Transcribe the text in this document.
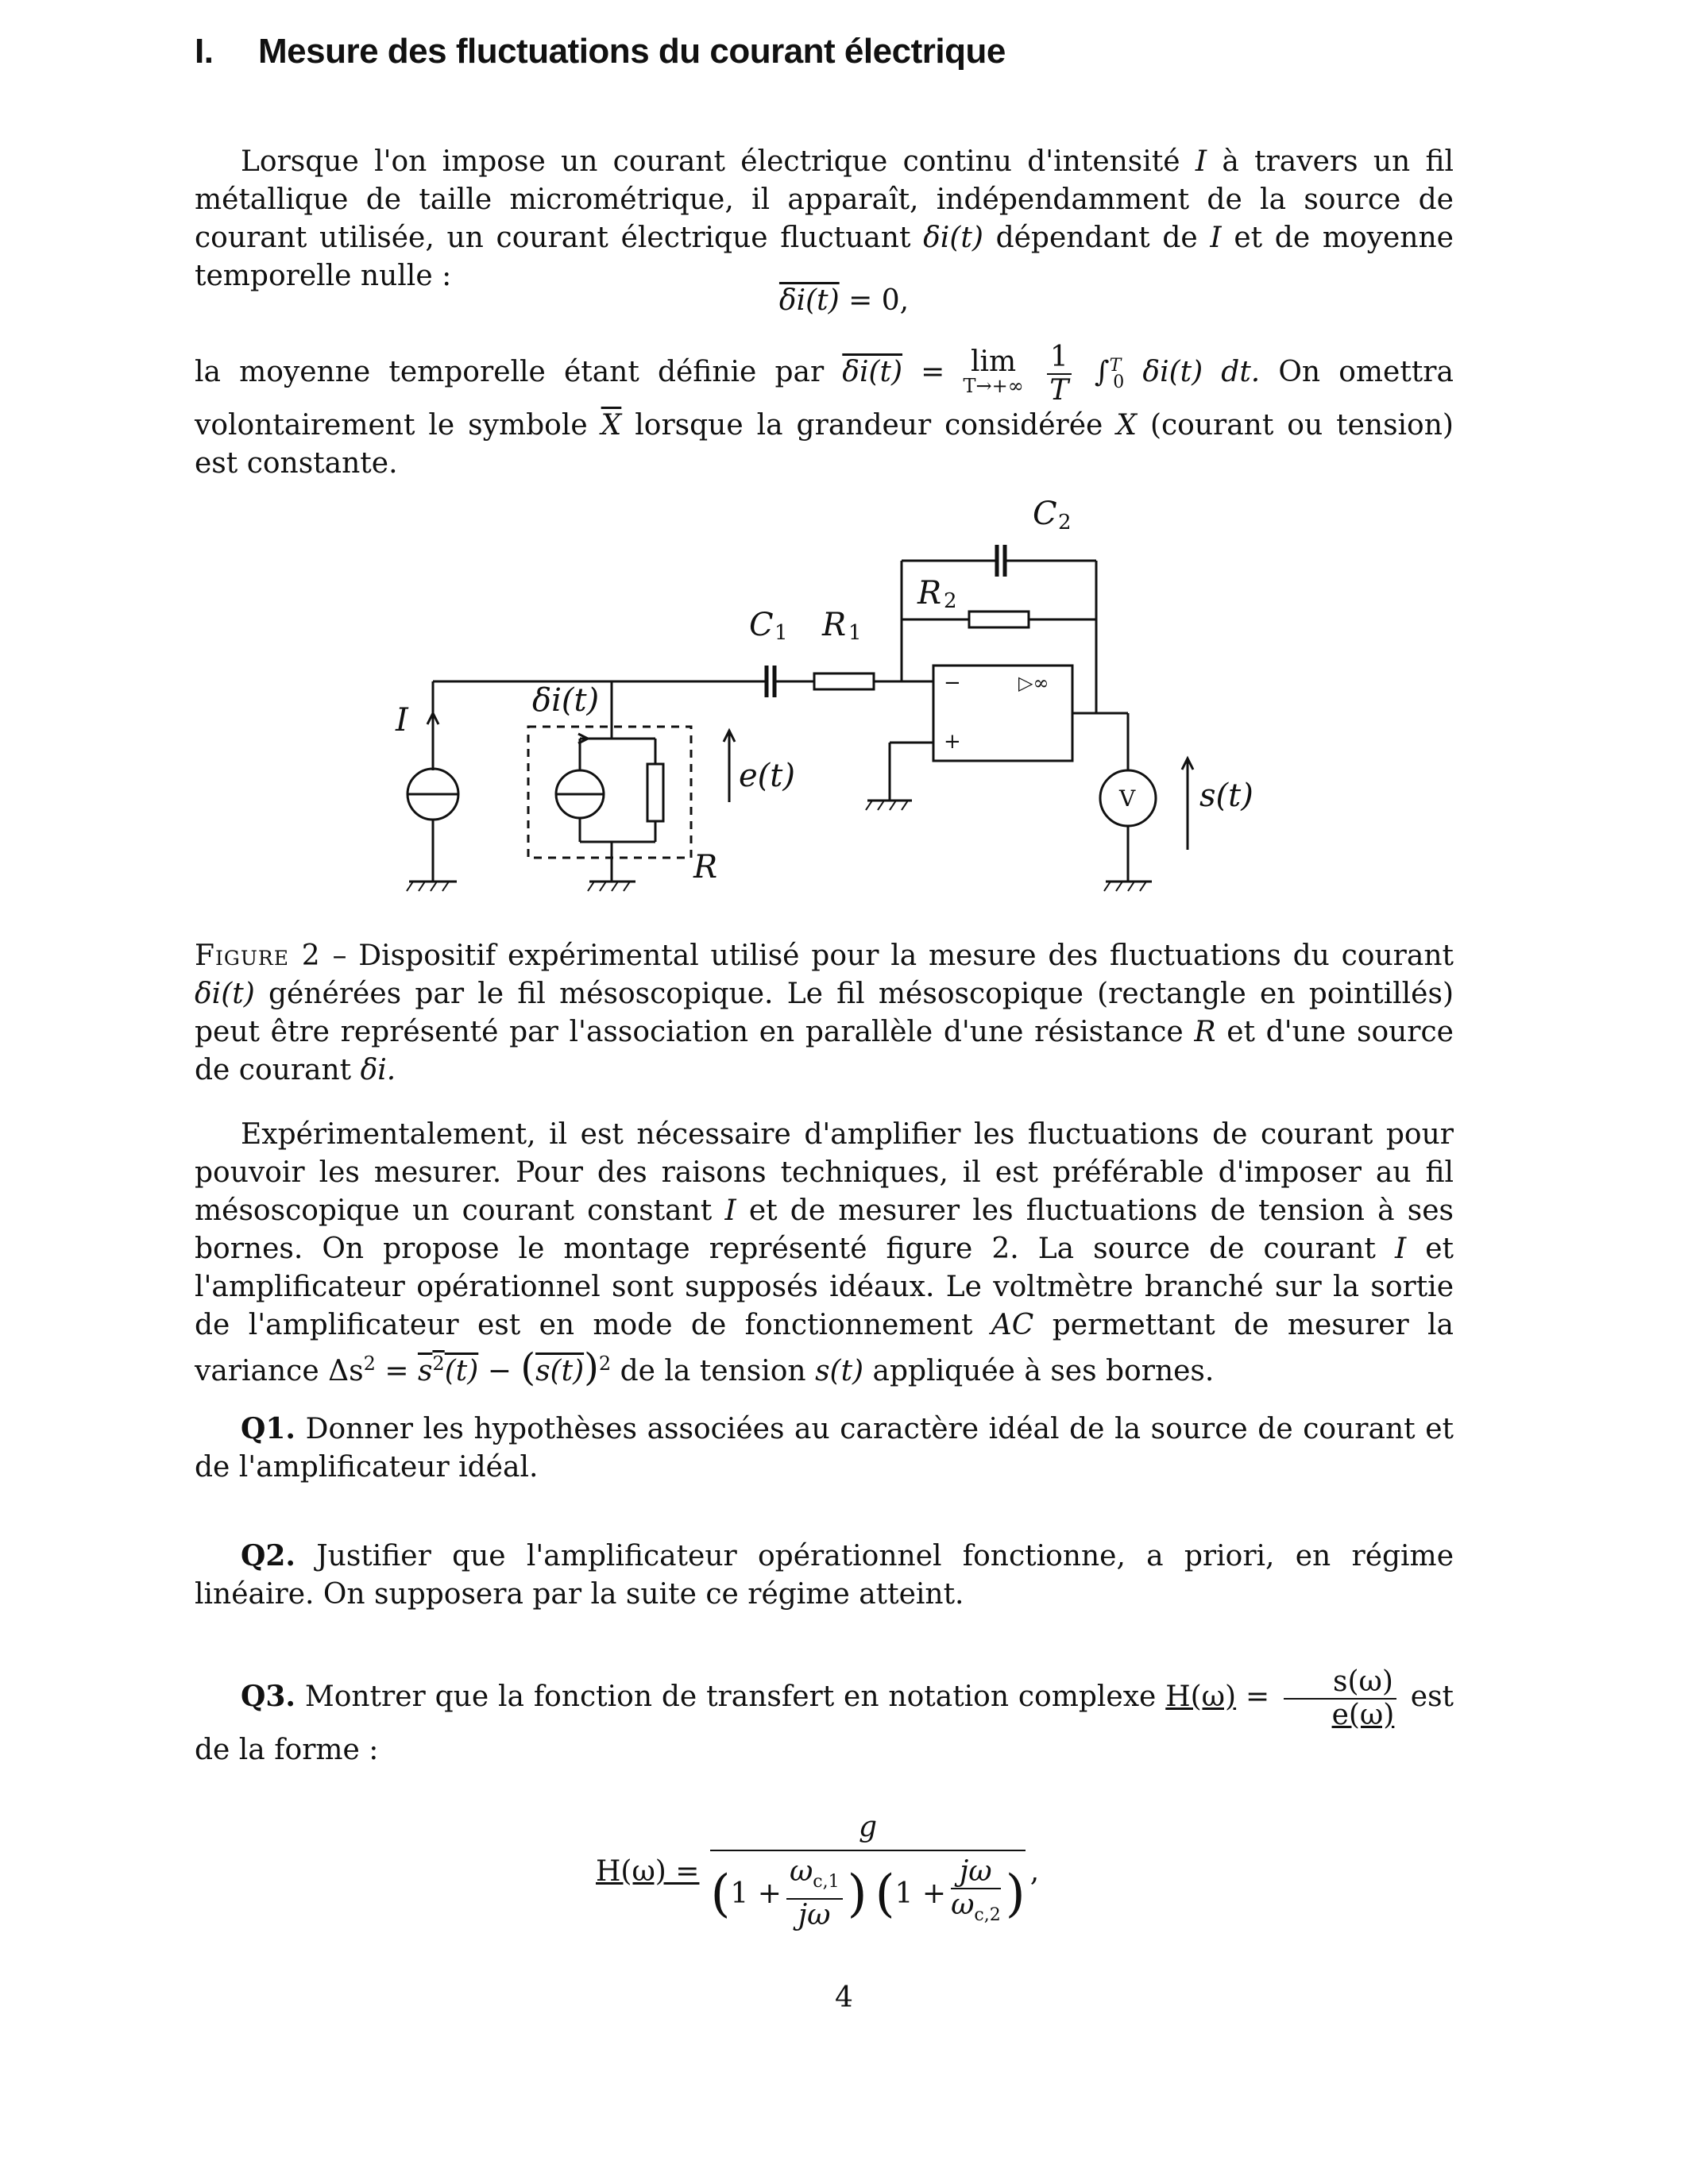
I. Mesure des fluctuations du courant électrique
Lorsque l'on impose un courant électrique continu d'intensité I à travers un fil métallique de taille micrométrique, il apparaît, indépendamment de la source de courant utilisée, un courant électrique fluctuant δi(t) dépendant de I et de moyenne temporelle nulle :
δi(t) = 0,
la moyenne temporelle étant définie par δi(t) = lim
T→+∞
$\frac{1}{T} \int^T_0$ δi(t) dt. On omettra volontairement le symbole $\overline{X}$ lorsque la grandeur considérée X (courant ou tension) est constante.
I
δi(t)
R
e(t)
C 1 R 1
R 2
C 2
s(t)
−
+
▷∞
V
Figure 2 – Dispositif expérimental utilisé pour la mesure des fluctuations du courant δi(t) générées par le fil mésoscopique. Le fil mésoscopique (rectangle en pointillés) peut être représenté par l'association en parallèle d'une résistance R et d'une source de courant δi.
Expérimentalement, il est nécessaire d'amplifier les fluctuations de courant pour pouvoir les mesurer. Pour des raisons techniques, il est préférable d'imposer au fil mésoscopique un courant constant I et de mesurer les fluctuations de tension à ses bornes. On propose le montage représenté figure 2. La source de courant I et l'amplificateur opérationnel sont supposés idéaux. Le voltmètre branché sur la sortie de l'amplificateur est en mode de fonctionnement AC permettant de mesurer la variance $\Delta s^2 = s^2(t) - (s(t))^2$ de la tension s(t) appliquée à ses bornes.
Q1. Donner les hypothèses associées au caractère idéal de la source de courant et de l'amplificateur idéal.
Q2. Justifier que l'amplificateur opérationnel fonctionne, a priori, en régime linéaire. On supposera par la suite ce régime atteint.
Q3. Montrer que la fonction de transfert en notation complexe $H(\omega) = \frac{s(\omega)}{e(\omega)}$ est de la forme :
H(ω) =
g
( $1 + \frac{\omega_{c,1}}{j\omega}$ ) ( $1 + \frac{j\omega}{\omega_{c,2}}$ ) ,
4
